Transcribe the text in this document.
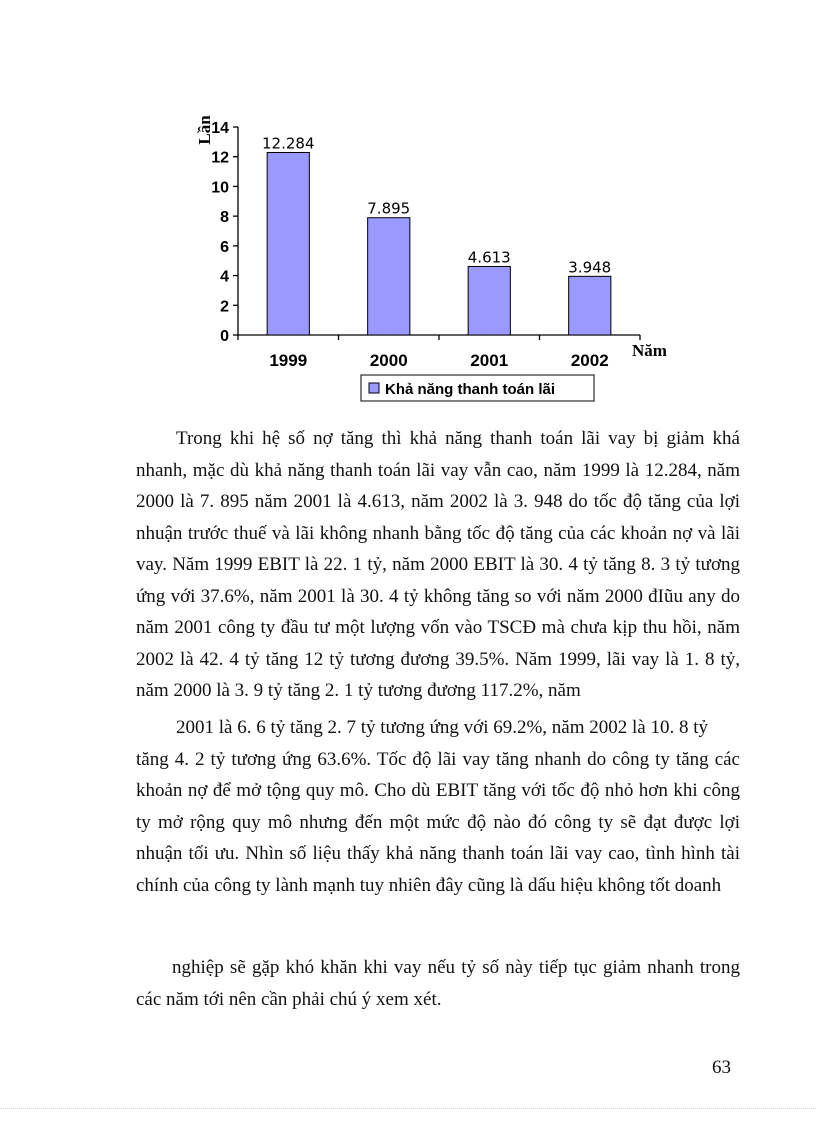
Lần
0
2
4
6
8
10
12
14
12.284
7.895
4.613
3.948
1999	2000	2001	2002
Năm
Khả năng thanh toán lãi

Trong khi hệ số nợ tăng thì khả năng thanh toán lãi vay bị giảm khá nhanh, mặc dù khả năng thanh toán lãi vay vẫn cao, năm 1999 là 12.284, năm 2000 là 7. 895 năm 2001 là 4.613, năm 2002 là 3. 948 do tốc độ tăng của lợi nhuận trước thuế và lãi không nhanh bằng tốc độ tăng của các khoản nợ và lãi vay. Năm 1999 EBIT là 22. 1 tỷ, năm 2000 EBIT là 30. 4 tỷ tăng 8. 3 tỷ tương ứng với 37.6%, năm 2001 là 30. 4 tỷ không tăng so với năm 2000 đIũu any do năm 2001 công ty đầu tư một lượng vốn vào TSCĐ mà chưa kịp thu hồi, năm 2002 là 42. 4 tỷ tăng 12 tỷ tương đương 39.5%. Năm 1999, lãi vay là 1. 8 tỷ, năm 2000 là 3. 9 tỷ tăng 2. 1 tỷ tương đương 117.2%, năm

2001 là 6. 6 tỷ tăng 2. 7 tỷ tương ứng với 69.2%, năm 2002 là 10. 8 tỷ
tăng 4. 2 tỷ tương ứng 63.6%. Tốc độ lãi vay tăng nhanh do công ty tăng các khoản nợ để mở tộng quy mô. Cho dù EBIT tăng với tốc độ nhỏ hơn khi công ty mở rộng quy mô nhưng đến một mức độ nào đó công ty sẽ đạt được lợi nhuận tối ưu. Nhìn số liệu thấy khả năng thanh toán lãi vay cao, tình hình tài chính của công ty lành mạnh tuy nhiên đây cũng là dấu hiệu không tốt doanh

nghiệp sẽ gặp khó khăn khi vay nếu tỷ số này tiếp tục giảm nhanh trong các năm tới nên cần phải chú ý xem xét.

63
